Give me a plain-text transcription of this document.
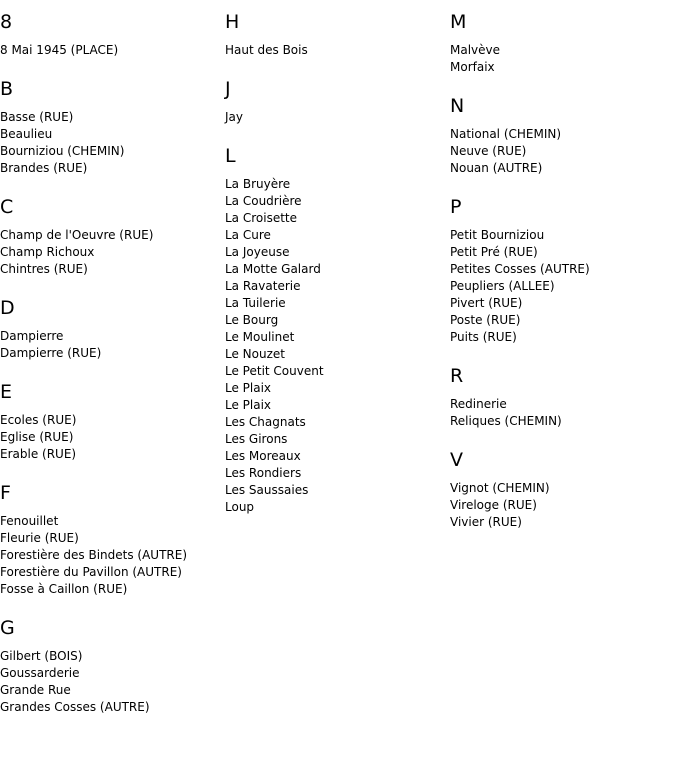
8
8 Mai 1945 (PLACE)
B
Basse (RUE)
Beaulieu
Bourniziou (CHEMIN)
Brandes (RUE)
C
Champ de l'Oeuvre (RUE)
Champ Richoux
Chintres (RUE)
D
Dampierre
Dampierre (RUE)
E
Ecoles (RUE)
Eglise (RUE)
Erable (RUE)
F
Fenouillet
Fleurie (RUE)
Forestière des Bindets (AUTRE)
Forestière du Pavillon (AUTRE)
Fosse à Caillon (RUE)
G
Gilbert (BOIS)
Goussarderie
Grande Rue
Grandes Cosses (AUTRE)
H
Haut des Bois
J
Jay
L
La Bruyère
La Coudrière
La Croisette
La Cure
La Joyeuse
La Motte Galard
La Ravaterie
La Tuilerie
Le Bourg
Le Moulinet
Le Nouzet
Le Petit Couvent
Le Plaix
Le Plaix
Les Chagnats
Les Girons
Les Moreaux
Les Rondiers
Les Saussaies
Loup
M
Malvève
Morfaix
N
National (CHEMIN)
Neuve (RUE)
Nouan (AUTRE)
P
Petit Bourniziou
Petit Pré (RUE)
Petites Cosses (AUTRE)
Peupliers (ALLEE)
Pivert (RUE)
Poste (RUE)
Puits (RUE)
R
Redinerie
Reliques (CHEMIN)
V
Vignot (CHEMIN)
Vireloge (RUE)
Vivier (RUE)
